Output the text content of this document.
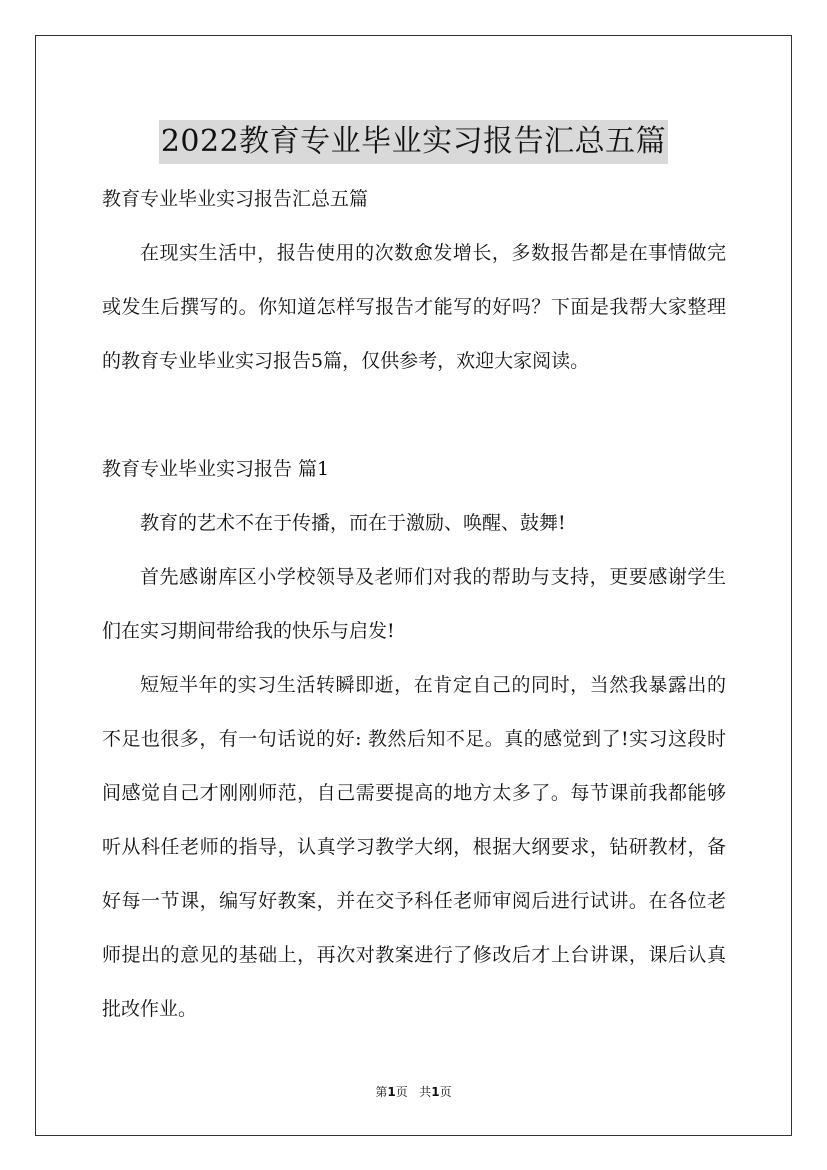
2022教育专业毕业实习报告汇总五篇

教育专业毕业实习报告汇总五篇

在现实生活中，报告使用的次数愈发增长，多数报告都是在事情做完或发生后撰写的。你知道怎样写报告才能写的好吗？下面是我帮大家整理的教育专业毕业实习报告5篇，仅供参考，欢迎大家阅读。

教育专业毕业实习报告 篇1

教育的艺术不在于传播，而在于激励、唤醒、鼓舞!

首先感谢库区小学校领导及老师们对我的帮助与支持，更要感谢学生们在实习期间带给我的快乐与启发!

短短半年的实习生活转瞬即逝，在肯定自己的同时，当然我暴露出的不足也很多，有一句话说的好: 教然后知不足。真的感觉到了!实习这段时间感觉自己才刚刚师范，自己需要提高的地方太多了。每节课前我都能够听从科任老师的指导，认真学习教学大纲，根据大纲要求，钻研教材，备好每一节课，编写好教案，并在交予科任老师审阅后进行试讲。在各位老师提出的意见的基础上，再次对教案进行了修改后才上台讲课，课后认真批改作业。

第1页 共1页
